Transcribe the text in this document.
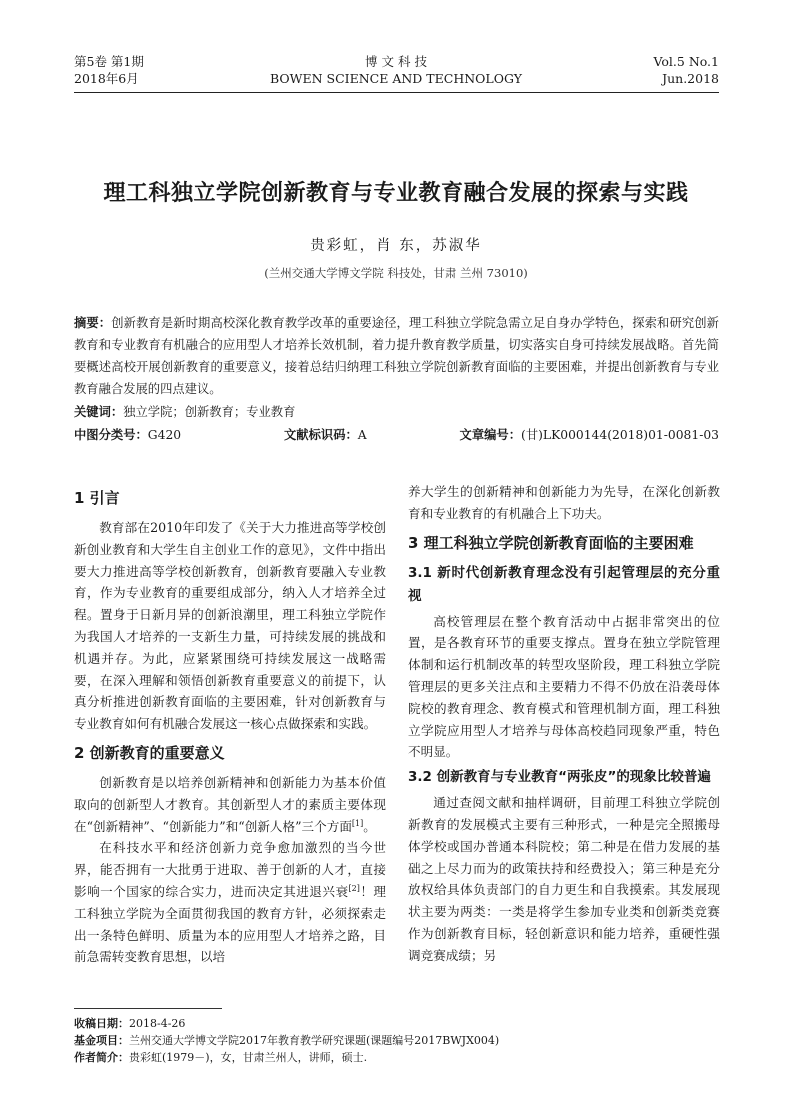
第5卷 第1期
2018年6月
博 文 科 技
BOWEN SCIENCE AND TECHNOLOGY
Vol.5 No.1
Jun.2018
理工科独立学院创新教育与专业教育融合发展的探索与实践
贵彩虹，肖 东，苏淑华
(兰州交通大学博文学院 科技处，甘肃 兰州 73010)
摘要：创新教育是新时期高校深化教育教学改革的重要途径，理工科独立学院急需立足自身办学特色，探索和研究创新教育和专业教育有机融合的应用型人才培养长效机制，着力提升教育教学质量，切实落实自身可持续发展战略。首先简要概述高校开展创新教育的重要意义，接着总结归纳理工科独立学院创新教育面临的主要困难，并提出创新教育与专业教育融合发展的四点建议。
关键词：独立学院；创新教育；专业教育
中图分类号：G420	文献标识码：A	文章编号：(甘)LK000144(2018)01-0081-03
1 引言

教育部在2010年印发了《关于大力推进高等学校创新创业教育和大学生自主创业工作的意见》，文件中指出要大力推进高等学校创新教育，创新教育要融入专业教育，作为专业教育的重要组成部分，纳入人才培养全过程。置身于日新月异的创新浪潮里，理工科独立学院作为我国人才培养的一支新生力量，可持续发展的挑战和机遇并存。为此，应紧紧围绕可持续发展这一战略需要，在深入理解和领悟创新教育重要意义的前提下，认真分析推进创新教育面临的主要困难，针对创新教育与专业教育如何有机融合发展这一核心点做探索和实践。

2 创新教育的重要意义

创新教育是以培养创新精神和创新能力为基本价值取向的创新型人才教育。其创新型人才的素质主要体现在“创新精神”、“创新能力”和“创新人格”三个方面[1]。

在科技水平和经济创新力竞争愈加激烈的当今世界，能否拥有一大批勇于进取、善于创新的人才，直接影响一个国家的综合实力，进而决定其进退兴衰[2]！理工科独立学院为全面贯彻我国的教育方针，必须探索走出一条特色鲜明、质量为本的应用型人才培养之路，目前急需转变教育思想，以培

养大学生的创新精神和创新能力为先导，在深化创新教育和专业教育的有机融合上下功夫。

3 理工科独立学院创新教育面临的主要困难
3.1 新时代创新教育理念没有引起管理层的充分重视

高校管理层在整个教育活动中占据非常突出的位置，是各教育环节的重要支撑点。置身在独立学院管理体制和运行机制改革的转型攻坚阶段，理工科独立学院管理层的更多关注点和主要精力不得不仍放在沿袭母体院校的教育理念、教育模式和管理机制方面，理工科独立学院应用型人才培养与母体高校趋同现象严重，特色不明显。

3.2 创新教育与专业教育“两张皮”的现象比较普遍

通过查阅文献和抽样调研，目前理工科独立学院创新教育的发展模式主要有三种形式，一种是完全照搬母体学校或国办普通本科院校；第二种是在借力发展的基础之上尽力而为的政策扶持和经费投入；第三种是充分放权给具体负责部门的自力更生和自我摸索。其发展现状主要为两类：一类是将学生参加专业类和创新类竞赛作为创新教育目标，轻创新意识和能力培养，重硬性强调竞赛成绩；另

收稿日期：2018-4-26
基金项目：兰州交通大学博文学院2017年教育教学研究课题(课题编号2017BWJX004)
作者简介：贵彩虹(1979－)，女，甘肃兰州人，讲师，硕士.
